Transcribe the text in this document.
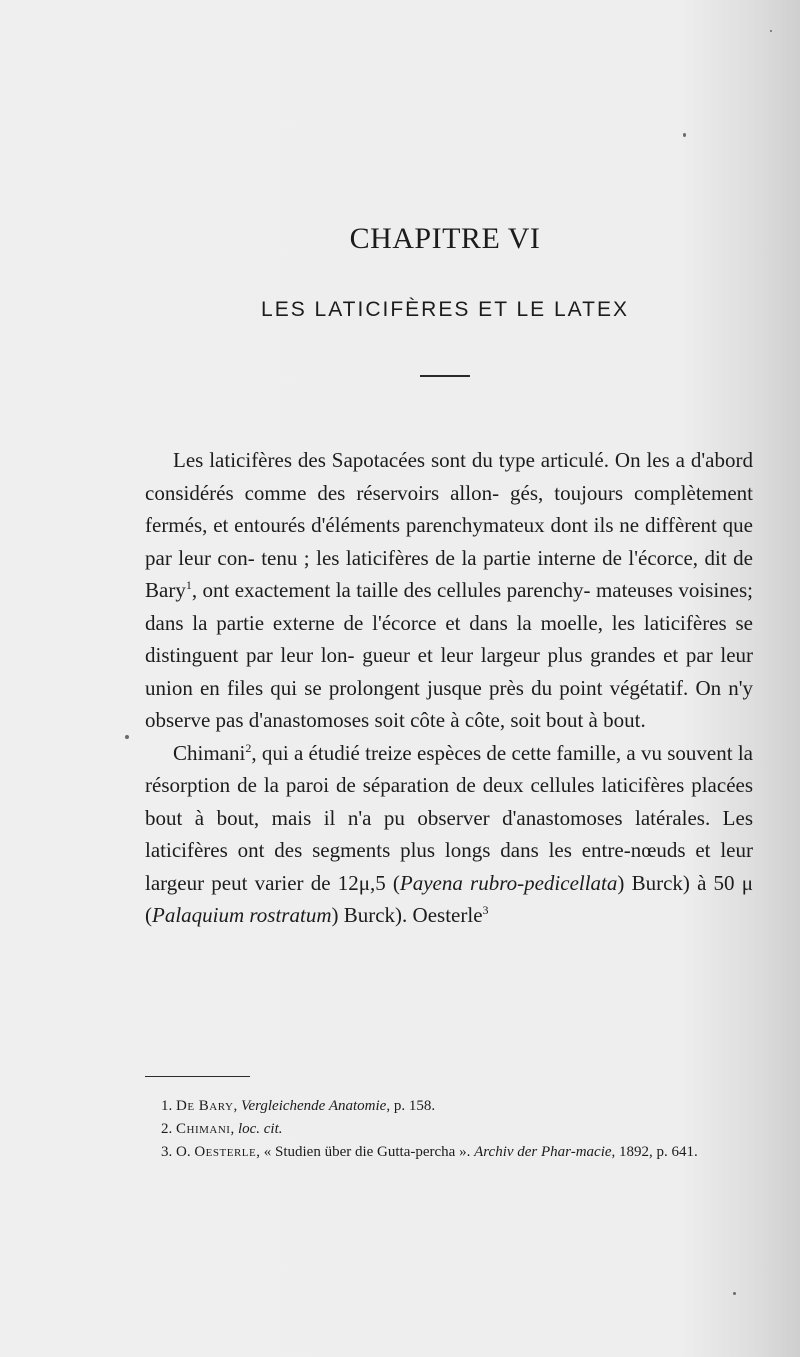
CHAPITRE VI
LES LATICIFÈRES ET LE LATEX

Les laticifères des Sapotacées sont du type articulé. On les a d'abord considérés comme des réservoirs allon- gés, toujours complètement fermés, et entourés d'éléments parenchymateux dont ils ne diffèrent que par leur con- tenu ; les laticifères de la partie interne de l'écorce, dit de Bary$^1$, ont exactement la taille des cellules parenchy- mateuses voisines; dans la partie externe de l'écorce et dans la moelle, les laticifères se distinguent par leur lon- gueur et leur largeur plus grandes et par leur union en files qui se prolongent jusque près du point végétatif. On n'y observe pas d'anastomoses soit côte à côte, soit bout à bout.

Chimani$^2$, qui a étudié treize espèces de cette famille, a vu souvent la résorption de la paroi de séparation de deux cellules laticifères placées bout à bout, mais il n'a pu observer d'anastomoses latérales. Les laticifères ont des segments plus longs dans les entre-nœuds et leur largeur peut varier de 12μ,5 (Payena rubro-pedicellata) Burck) à 50 μ (Palaquium rostratum) Burck). Oesterle$^3$

1. De Bary, Vergleichende Anatomie, p. 158.

2. Chimani, loc. cit.

3. O. Oesterle, « Studien über die Gutta-percha ». Archiv der Phar-macie, 1892, p. 641.
